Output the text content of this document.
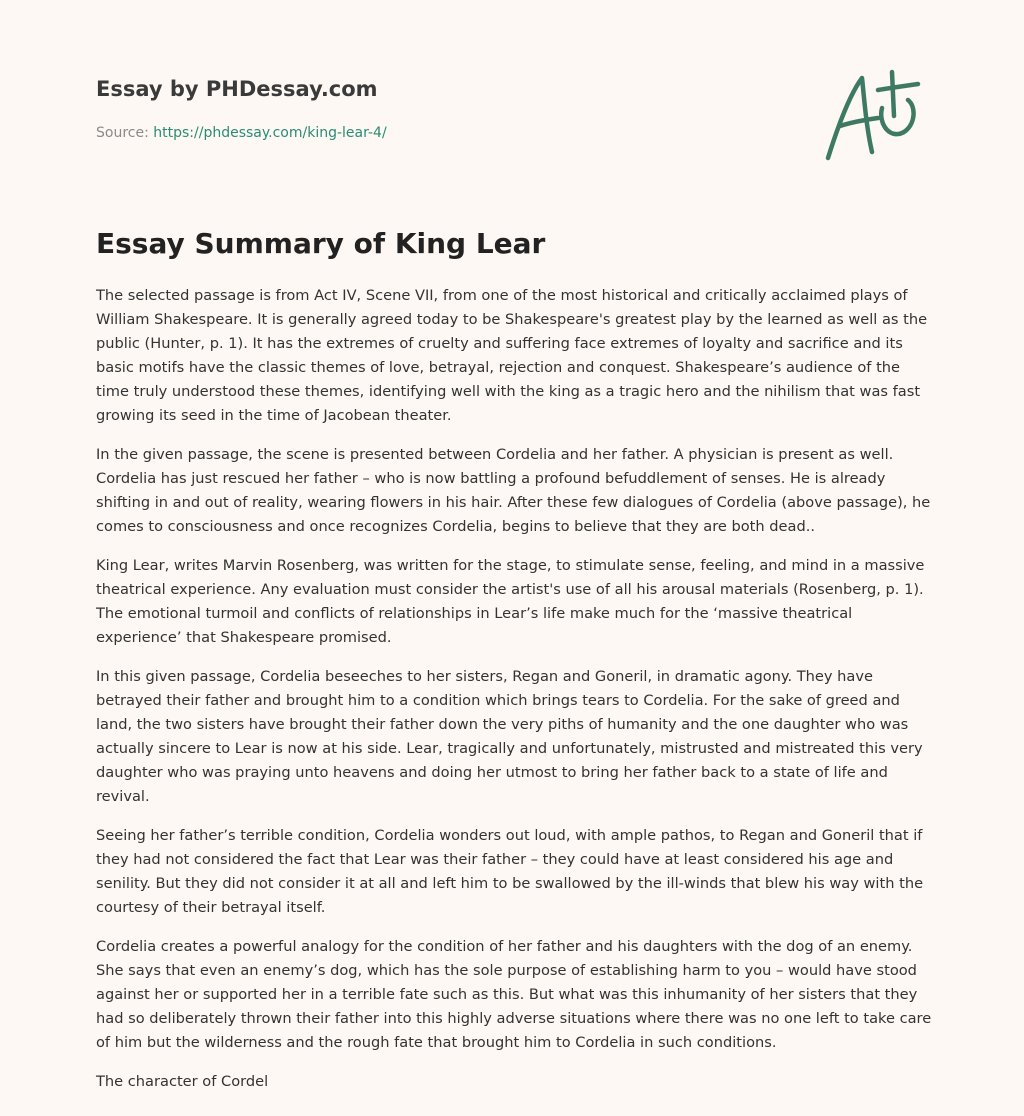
Essay by PHDessay.com
Source: https://phdessay.com/king-lear-4/
Essay Summary of King Lear

The selected passage is from Act IV, Scene VII, from one of the most historical and critically acclaimed plays of William Shakespeare. It is generally agreed today to be Shakespeare's greatest play by the learned as well as the public (Hunter, p. 1). It has the extremes of cruelty and suffering face extremes of loyalty and sacrifice and its basic motifs have the classic themes of love, betrayal, rejection and conquest. Shakespeare’s audience of the time truly understood these themes, identifying well with the king as a tragic hero and the nihilism that was fast growing its seed in the time of Jacobean theater.

In the given passage, the scene is presented between Cordelia and her father. A physician is present as well. Cordelia has just rescued her father – who is now battling a profound befuddlement of senses. He is already shifting in and out of reality, wearing flowers in his hair. After these few dialogues of Cordelia (above passage), he comes to consciousness and once recognizes Cordelia, begins to believe that they are both dead..

King Lear, writes Marvin Rosenberg, was written for the stage, to stimulate sense, feeling, and mind in a massive theatrical experience. Any evaluation must consider the artist's use of all his arousal materials (Rosenberg, p. 1). The emotional turmoil and conflicts of relationships in Lear’s life make much for the ‘massive theatrical experience’ that Shakespeare promised.

In this given passage, Cordelia beseeches to her sisters, Regan and Goneril, in dramatic agony. They have betrayed their father and brought him to a condition which brings tears to Cordelia. For the sake of greed and land, the two sisters have brought their father down the very piths of humanity and the one daughter who was actually sincere to Lear is now at his side. Lear, tragically and unfortunately, mistrusted and mistreated this very daughter who was praying unto heavens and doing her utmost to bring her father back to a state of life and revival.

Seeing her father’s terrible condition, Cordelia wonders out loud, with ample pathos, to Regan and Goneril that if they had not considered the fact that Lear was their father – they could have at least considered his age and senility. But they did not consider it at all and left him to be swallowed by the ill-winds that blew his way with the courtesy of their betrayal itself.

Cordelia creates a powerful analogy for the condition of her father and his daughters with the dog of an enemy. She says that even an enemy’s dog, which has the sole purpose of establishing harm to you – would have stood against her or supported her in a terrible fate such as this. But what was this inhumanity of her sisters that they had so deliberately thrown their father into this highly adverse situations where there was no one left to take care of him but the wilderness and the rough fate that brought him to Cordelia in such conditions.

The character of Cordel
